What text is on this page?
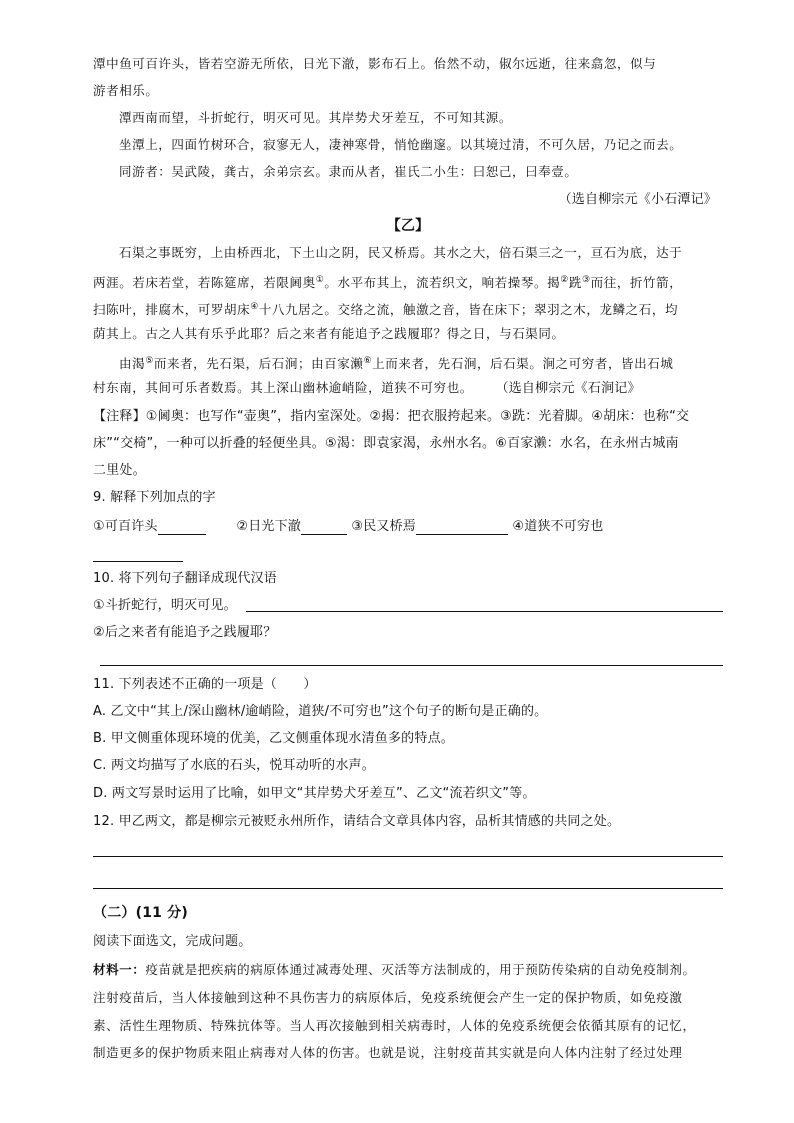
潭中鱼可百许头，皆若空游无所依，日光下澈，影布石上。佁然不动，俶尔远逝，往来翕忽，似与
游者相乐。
潭西南而望，斗折蛇行，明灭可见。其岸势犬牙差互，不可知其源。
坐潭上，四面竹树环合，寂寥无人，凄神寒骨，悄怆幽邃。以其境过清，不可久居，乃记之而去。
同游者：吴武陵，龚古，余弟宗玄。隶而从者，崔氏二小生：曰恕己，曰奉壹。
（选自柳宗元《小石潭记》
【乙】
石渠之事既穷，上由桥西北，下土山之阴，民又桥焉。其水之大，倍石渠三之一，亘石为底，达于
两涯。若床若堂，若陈筵席，若限阃奥①。水平布其上，流若织文，响若操琴。揭②跣③而往，折竹箭，
扫陈叶，排腐木，可罗胡床④十八九居之。交络之流，触激之音，皆在床下；翠羽之木，龙鳞之石，均
荫其上。古之人其有乐乎此耶？后之来者有能追予之践履耶？得之日，与石渠同。
由渴⑤而来者，先石渠，后石涧；由百家濑⑥上而来者，先石涧，后石渠。涧之可穷者，皆出石城
村东南，其间可乐者数焉。其上深山幽林逾峭险，道狭不可穷也。 （选自柳宗元《石涧记》
【注释】①阃奥：也写作“壶奥”，指内室深处。②揭：把衣服挎起来。③跣：光着脚。④胡床：也称“交
床”“交椅”，一种可以折叠的轻便坐具。⑤渴：即袁家渴，永州水名。⑥百家濑：水名，在永州古城南
二里处。
9. 解释下列加点的字
①可百许头	②日光下澈	③民又桥焉	④道狭不可穷也
10. 将下列句子翻译成现代汉语
①斗折蛇行，明灭可见。
②后之来者有能追予之践履耶？
11. 下列表述不正确的一项是（　　）
A. 乙文中“其上/深山幽林/逾峭险，道狭/不可穷也”这个句子的断句是正确的。
B. 甲文侧重体现环境的优美，乙文侧重体现水清鱼多的特点。
C. 两文均描写了水底的石头，悦耳动听的水声。
D. 两文写景时运用了比喻，如甲文“其岸势犬牙差互”、乙文“流若织文”等。
12. 甲乙两文，都是柳宗元被贬永州所作，请结合文章具体内容，品析其情感的共同之处。
（二）(11 分)
阅读下面选文，完成问题。
材料一：疫苗就是把疾病的病原体通过减毒处理、灭活等方法制成的，用于预防传染病的自动免疫制剂。
注射疫苗后，当人体接触到这种不具伤害力的病原体后，免疫系统便会产生一定的保护物质，如免疫激
素、活性生理物质、特殊抗体等。当人再次接触到相关病毒时，人体的免疫系统便会依循其原有的记忆，
制造更多的保护物质来阻止病毒对人体的伤害。也就是说，注射疫苗其实就是向人体内注射了经过处理
